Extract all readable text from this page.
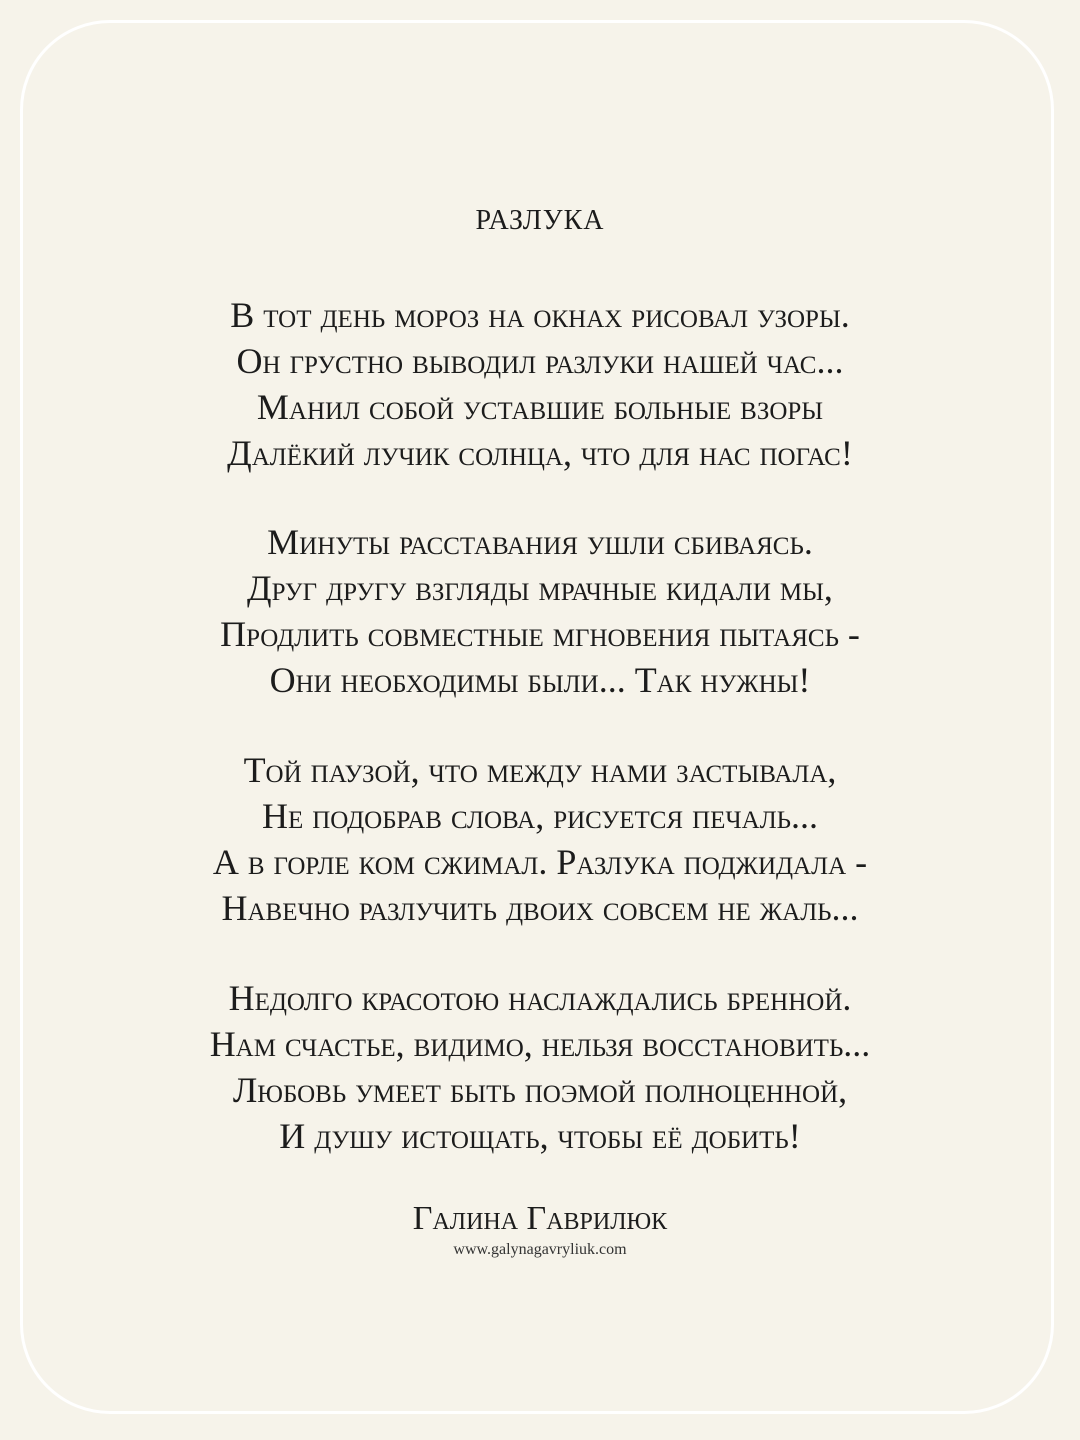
РАЗЛУКА
В тот день мороз на окнах рисовал узоры.
Он грустно выводил разлуки нашей час...
Манил собой уставшие больные взоры
Далёкий лучик солнца, что для нас погас!
Минуты расставания ушли сбиваясь.
Друг другу взгляды мрачные кидали мы,
Продлить совместные мгновения пытаясь -
Они необходимы были... Так нужны!
Той паузой, что между нами застывала,
Не подобрав слова, рисуется печаль...
А в горле ком сжимал. Разлука поджидала -
Навечно разлучить двоих совсем не жаль...
Недолго красотою наслаждались бренной.
Нам счастье, видимо, нельзя восстановить...
Любовь умеет быть поэмой полноценной,
И душу истощать, чтобы её добить!
Галина Гаврилюк
www.galynagavryliuk.com
